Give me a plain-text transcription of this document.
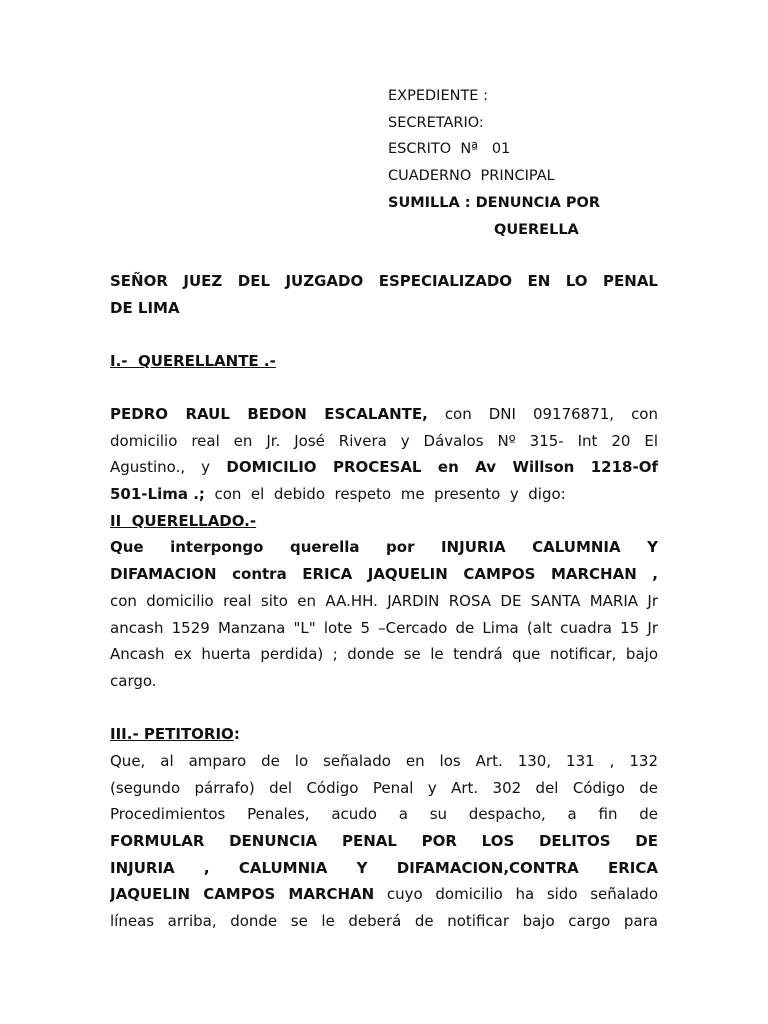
EXPEDIENTE :
SECRETARIO:
ESCRITO  Nª   01
CUADERNO  PRINCIPAL
SUMILLA : DENUNCIA POR
QUERELLA
SEÑOR JUEZ DEL JUZGADO ESPECIALIZADO EN LO PENAL
DE LIMA
I.-  QUERELLANTE .-
PEDRO RAUL BEDON ESCALANTE, con DNI 09176871, con
domicilio real en Jr. José Rivera y Dávalos Nº 315- Int 20 El
Agustino., y DOMICILIO PROCESAL en Av Willson 1218-Of
501-Lima .;  con  el  debido  respeto  me  presento  y  digo:
II  QUERELLADO.-
Que interpongo querella por INJURIA CALUMNIA Y
DIFAMACION contra ERICA JAQUELIN CAMPOS MARCHAN ,
con domicilio real sito en AA.HH. JARDIN ROSA DE SANTA MARIA Jr
ancash 1529 Manzana "L" lote 5 –Cercado de Lima (alt cuadra 15 Jr
Ancash ex huerta perdida) ; donde se le tendrá que notificar, bajo
cargo.
III.- PETITORIO:
Que, al amparo de lo señalado en los Art. 130, 131 , 132
(segundo párrafo) del Código Penal y Art. 302 del Código de
Procedimientos Penales, acudo a su despacho, a fin de
FORMULAR DENUNCIA PENAL POR LOS DELITOS DE
INJURIA , CALUMNIA Y DIFAMACION,CONTRA ERICA
JAQUELIN CAMPOS MARCHAN cuyo domicilio ha sido señalado
líneas arriba, donde se le deberá de notificar bajo cargo para
